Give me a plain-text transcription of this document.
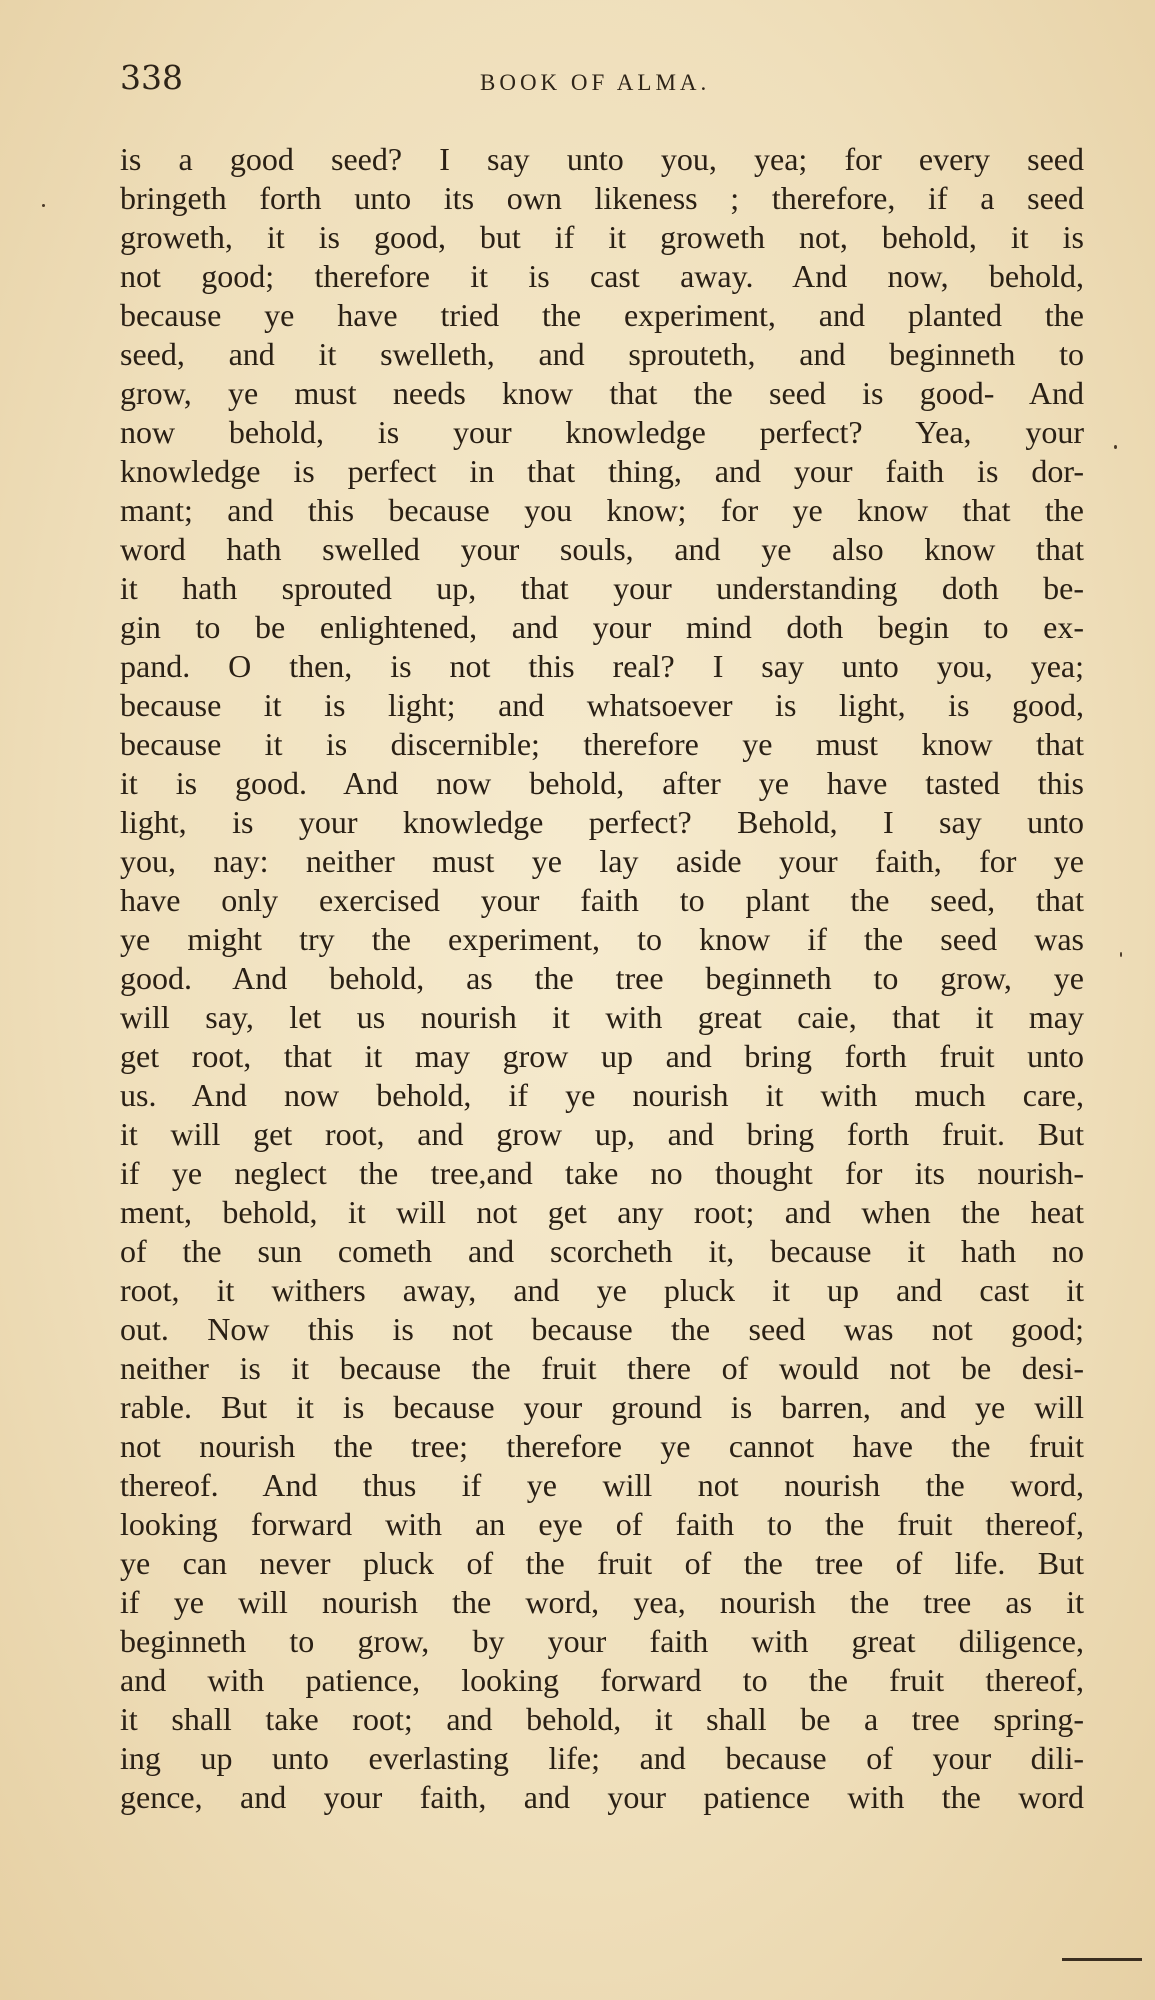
338	BOOK OF ALMA.
is a good seed? I say unto you, yea; for every seed
bringeth forth unto its own likeness ; therefore, if a seed
groweth, it is good, but if it groweth not, behold, it is
not good; therefore it is cast away. And now, behold,
because ye have tried the experiment, and planted the
seed, and it swelleth, and sprouteth, and beginneth to
grow, ye must needs know that the seed is good- And
now behold, is your knowledge perfect? Yea, your
knowledge is perfect in that thing, and your faith is dor-
mant; and this because you know; for ye know that the
word hath swelled your souls, and ye also know that
it hath sprouted up, that your understanding doth be-
gin to be enlightened, and your mind doth begin to ex-
pand. O then, is not this real? I say unto you, yea;
because it is light; and whatsoever is light, is good,
because it is discernible; therefore ye must know that
it is good. And now behold, after ye have tasted this
light, is your knowledge perfect? Behold, I say unto
you, nay: neither must ye lay aside your faith, for ye
have only exercised your faith to plant the seed, that
ye might try the experiment, to know if the seed was
good. And behold, as the tree beginneth to grow, ye
will say, let us nourish it with great caie, that it may
get root, that it may grow up and bring forth fruit unto
us. And now behold, if ye nourish it with much care,
it will get root, and grow up, and bring forth fruit. But
if ye neglect the tree,and take no thought for its nourish-
ment, behold, it will not get any root; and when the heat
of the sun cometh and scorcheth it, because it hath no
root, it withers away, and ye pluck it up and cast it
out. Now this is not because the seed was not good;
neither is it because the fruit there of would not be desi-
rable. But it is because your ground is barren, and ye will
not nourish the tree; therefore ye cannot have the fruit
thereof. And thus if ye will not nourish the word,
looking forward with an eye of faith to the fruit thereof,
ye can never pluck of the fruit of the tree of life. But
if ye will nourish the word, yea, nourish the tree as it
beginneth to grow, by your faith with great diligence,
and with patience, looking forward to the fruit thereof,
it shall take root; and behold, it shall be a tree spring-
ing up unto everlasting life; and because of your dili-
gence, and your faith, and your patience with the word
